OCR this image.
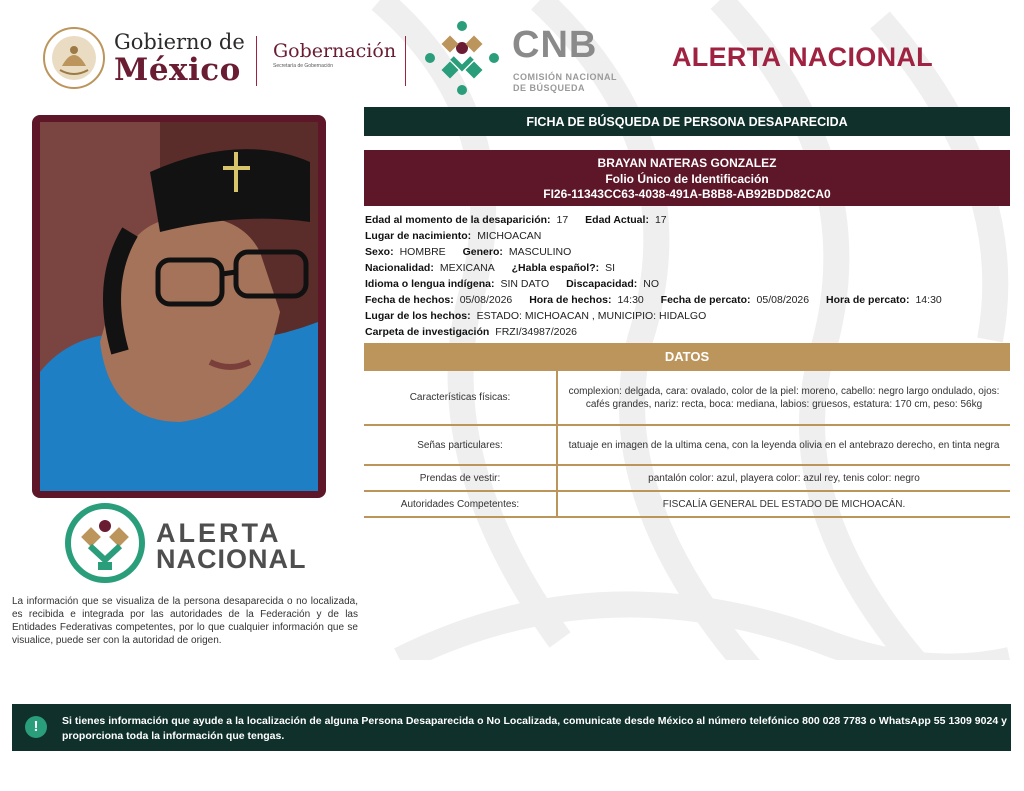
Gobierno de
México
Gobernación
Secretaría de Gobernación	CNB
COMISIÓN NACIONAL
DE BÚSQUEDA
ALERTA NACIONAL
ALERTA
NACIONAL
La información que se visualiza de la persona desaparecida o no localizada, es recibida e integrada por las autoridades de la Federación y de las Entidades Federativas competentes, por lo que cualquier información que se visualice, puede ser con la autoridad de origen.
FICHA DE BÚSQUEDA DE PERSONA DESAPARECIDA
BRAYAN NATERAS GONZALEZ
Folio Único de Identificación
FI26-11343CC63-4038-491A-B8B8-AB92BDD82CA0
Edad al momento de la desaparición: 17 Edad Actual: 17
Lugar de nacimiento: MICHOACAN
Sexo: HOMBRE Genero: MASCULINO
Nacionalidad: MEXICANA ¿Habla español?: SI
Idioma o lengua indígena: SIN DATO Discapacidad: NO
Fecha de hechos: 05/08/2026 Hora de hechos: 14:30 Fecha de percato: 05/08/2026 Hora de percato: 14:30
Lugar de los hechos: ESTADO: MICHOACAN , MUNICIPIO: HIDALGO
Carpeta de investigación FRZI/34987/2026
DATOS
Características físicas:	complexion: delgada, cara: ovalado, color de la piel: moreno, cabello: negro largo ondulado, ojos: cafés grandes, nariz: recta, boca: mediana, labios: gruesos, estatura: 170 cm, peso: 56kg
Señas particulares:	tatuaje en imagen de la ultima cena, con la leyenda olivia en el antebrazo derecho, en tinta negra
Prendas de vestir:	pantalón color: azul, playera color: azul rey, tenis color: negro
Autoridades Competentes:	FISCALÍA GENERAL DEL ESTADO DE MICHOACÁN.
!	Si tienes información que ayude a la localización de alguna Persona Desaparecida o No Localizada, comunicate desde México al número telefónico 800 028 7783 o WhatsApp 55 1309 9024 y proporciona toda la información que tengas.
